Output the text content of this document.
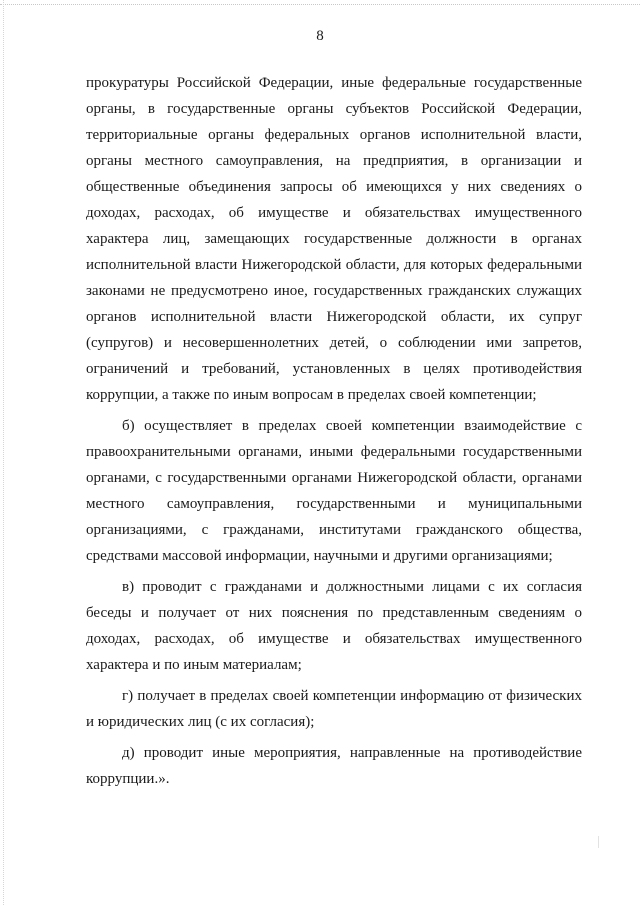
8

прокуратуры Российской Федерации, иные федеральные государственные органы, в государственные органы субъектов Российской Федерации, территориальные органы федеральных органов исполнительной власти, органы местного самоуправления, на предприятия, в организации и общественные объединения запросы об имеющихся у них сведениях о доходах, расходах, об имуществе и обязательствах имущественного характера лиц, замещающих государственные должности в органах исполнительной власти Нижегородской области, для которых федеральными законами не предусмотрено иное, государственных гражданских служащих органов исполнительной власти Нижегородской области, их супруг (супругов) и несовершеннолетних детей, о соблюдении ими запретов, ограничений и требований, установленных в целях противодействия коррупции, а также по иным вопросам в пределах своей компетенции;

б) осуществляет в пределах своей компетенции взаимодействие с правоохранительными органами, иными федеральными государственными органами, с государственными органами Нижегородской области, органами местного самоуправления, государственными и муниципальными организациями, с гражданами, институтами гражданского общества, средствами массовой информации, научными и другими организациями;

в) проводит с гражданами и должностными лицами с их согласия беседы и получает от них пояснения по представленным сведениям о доходах, расходах, об имуществе и обязательствах имущественного характера и по иным материалам;

г) получает в пределах своей компетенции информацию от физических и юридических лиц (с их согласия);

д) проводит иные мероприятия, направленные на противодействие коррупции.».
